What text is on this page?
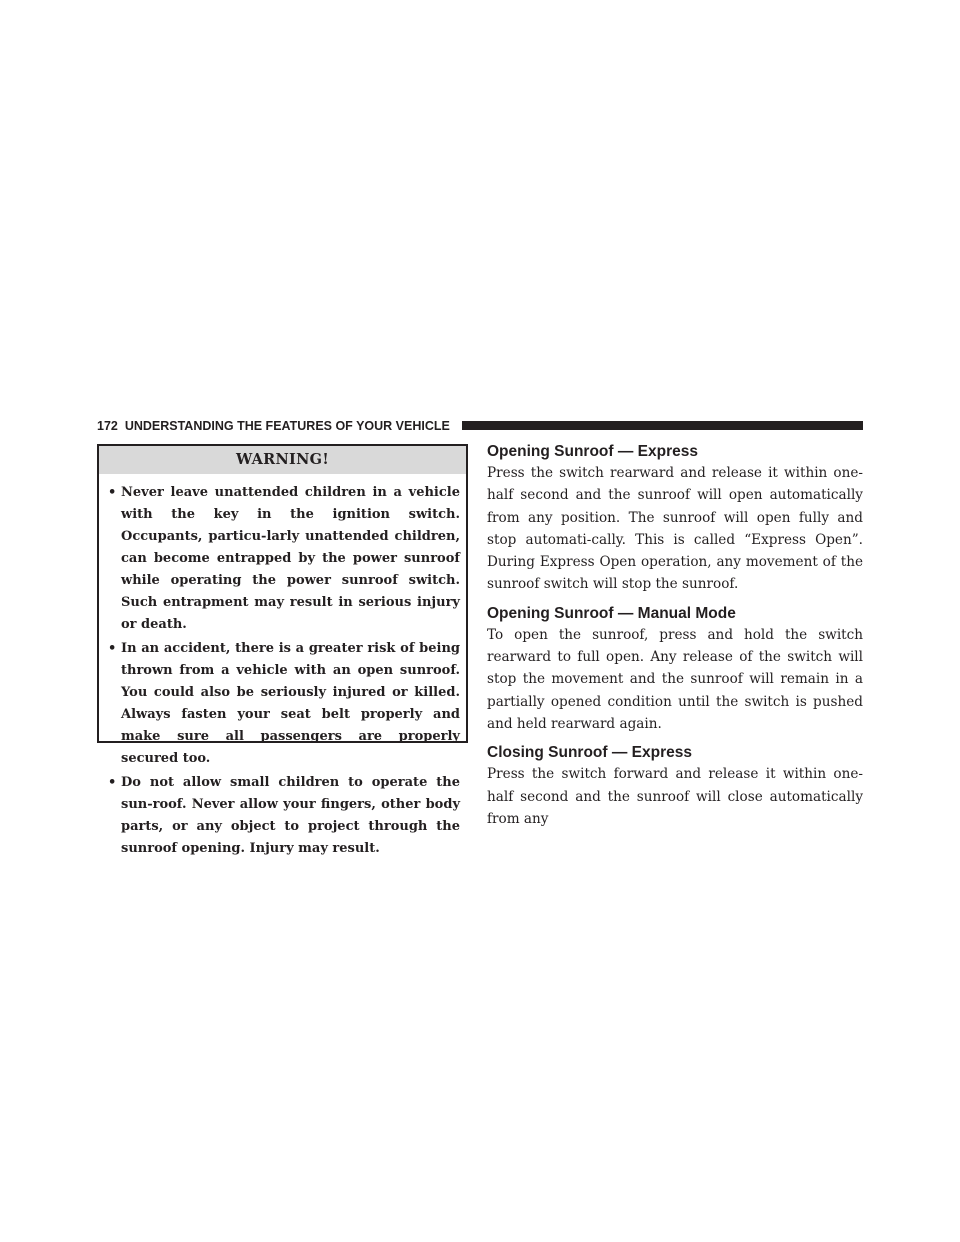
172 UNDERSTANDING THE FEATURES OF YOUR VEHICLE
WARNING!
• Never leave unattended children in a vehicle with the key in the ignition switch. Occupants, particu-larly unattended children, can become entrapped by the power sunroof while operating the power sunroof switch. Such entrapment may result in serious injury or death.
• In an accident, there is a greater risk of being thrown from a vehicle with an open sunroof. You could also be seriously injured or killed. Always fasten your seat belt properly and make sure all passengers are properly secured too.
• Do not allow small children to operate the sun-roof. Never allow your fingers, other body parts, or any object to project through the sunroof opening. Injury may result.
Opening Sunroof — Express

Press the switch rearward and release it within one-half second and the sunroof will open automatically from any position. The sunroof will open fully and stop automati-cally. This is called “Express Open”. During Express Open operation, any movement of the sunroof switch will stop the sunroof.

Opening Sunroof — Manual Mode

To open the sunroof, press and hold the switch rearward to full open. Any release of the switch will stop the movement and the sunroof will remain in a partially opened condition until the switch is pushed and held rearward again.

Closing Sunroof — Express

Press the switch forward and release it within one-half second and the sunroof will close automatically from any
